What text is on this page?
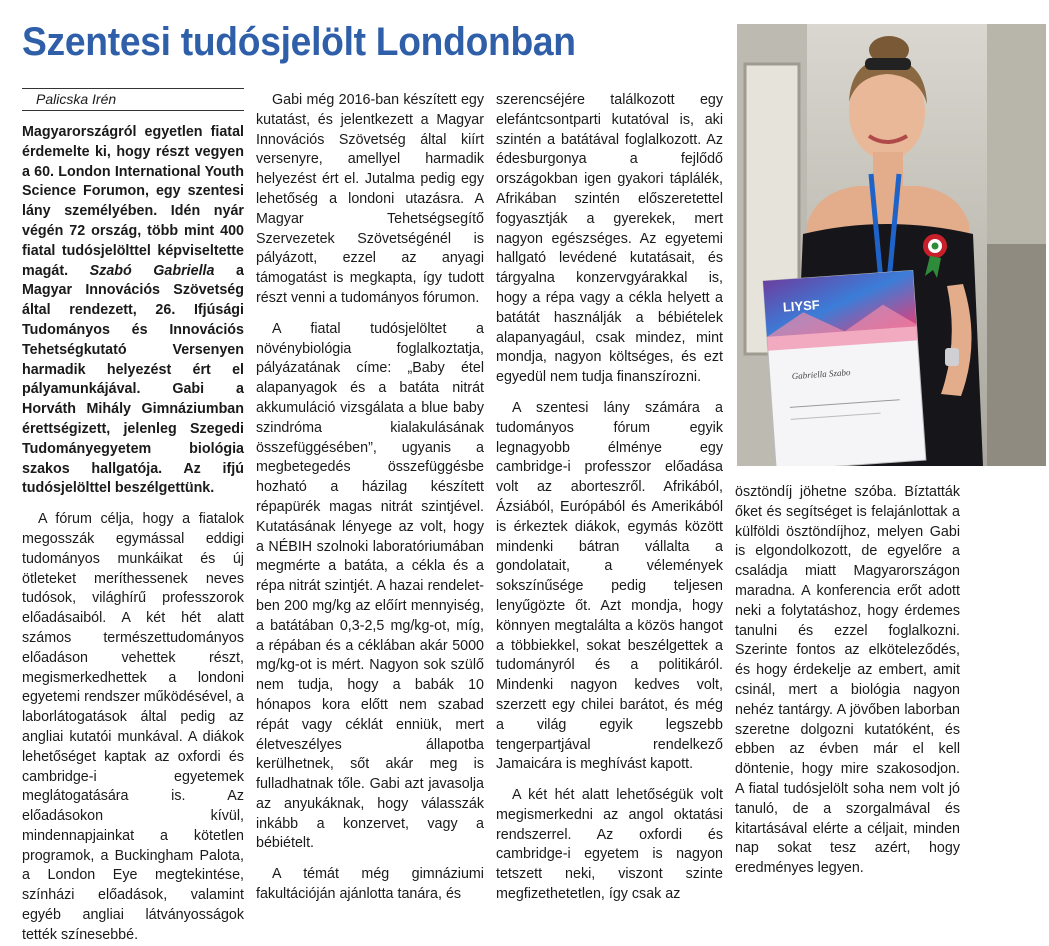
Szentesi tudósjelölt Londonban
Palicska Irén

Magyarországról egyetlen fiatal érdemelte ki, hogy részt vegyen a 60. London International Youth Science Forumon, egy szentesi lány személyében. Idén nyár végén 72 ország, több mint 400 fiatal tudósjelölttel képviseltette magát. Szabó Gabriella a Magyar Innovációs Szövetség által rendezett, 26. Ifjúsági Tudományos és Innovációs Tehetségkutató Versenyen harmadik helyezést ért el pályamunkájával. Gabi a Horváth Mihály Gimnáziumban érettségizett, jelenleg Szegedi Tudományegyetem biológia szakos hallgatója. Az ifjú tudósjelölttel beszélgettünk.

A fórum célja, hogy a fiatalok megosszák egymással eddigi tudományos munkáikat és új ötleteket meríthessenek neves tudósok, világhírű professzorok előadásaiból. A két hét alatt számos természettudományos előadáson vehettek részt, megismerkedhettek a londoni egyetemi rendszer működésével, a laborlátogatások által pedig az angliai kutatói munkával. A diákok lehetőséget kaptak az oxfordi és cambridge-i egyetemek meglátogatására is. Az előadásokon kívül, mindennapjainkat a kötetlen programok, a Buckingham Palota, a London Eye megtekintése, színházi előadások, valamint egyéb angliai látványosságok tették színesebbé.

Gabi még 2016-ban készített egy kutatást, és jelentkezett a Magyar Innovációs Szövetség által kiírt versenyre, amellyel harmadik helyezést ért el. Jutalma pedig egy lehetőség a londoni utazásra. A Magyar Tehetségsegítő Szervezetek Szövetségénél is pályázott, ezzel az anyagi támogatást is megkapta, így tudott részt venni a tudományos fórumon.

A fiatal tudósjelöltet a növénybiológia foglalkoztatja, pályázatának címe: „Baby étel alapanyagok és a batáta nitrát akkumuláció vizsgálata a blue baby szindróma kialakulásának összefüggésében”, ugyanis a megbetegedés összefüggésbe hozható a házilag készített répapürék magas nitrát szintjével. Kutatásának lényege az volt, hogy a NÉBIH szolnoki laboratóriumában megmérte a batáta, a cékla és a répa nitrát szintjét. A hazai rendelet-ben 200 mg/kg az előírt mennyiség, a batátában 0,3-2,5 mg/kg-ot, míg, a répában és a céklában akár 5000 mg/kg-ot is mért. Nagyon sok szülő nem tudja, hogy a babák 10 hónapos kora előtt nem szabad répát vagy céklát enniük, mert életveszélyes állapotba kerülhetnek, sőt akár meg is fulladhatnak tőle. Gabi azt javasolja az anyukáknak, hogy válasszák inkább a konzervet, vagy a bébiételt.

A témát még gimnáziumi fakultációján ajánlotta tanára, és

szerencséjére találkozott egy elefántcsontparti kutatóval is, aki szintén a batátával foglalkozott. Az édesburgonya a fejlődő országokban igen gyakori táplálék, Afrikában szintén előszeretettel fogyasztják a gyerekek, mert nagyon egészséges. Az egyetemi hallgató levédené kutatásait, és tárgyalna konzervgyárakkal is, hogy a répa vagy a cékla helyett a batátát használják a bébiételek alapanyagául, csak mindez, mint mondja, nagyon költséges, és ezt egyedül nem tudja finanszírozni.

A szentesi lány számára a tudományos fórum egyik legnagyobb élménye egy cambridge-i professzor előadása volt az aborteszről. Afrikából, Ázsiából, Európából és Amerikából is érkeztek diákok, egymás között mindenki bátran vállalta a gondolatait, a vélemények sokszínűsége pedig teljesen lenyűgözte őt. Azt mondja, hogy könnyen megtalálta a közös hangot a többiekkel, sokat beszélgettek a tudományról és a politikáról. Mindenki nagyon kedves volt, szerzett egy chilei barátot, és még a világ egyik legszebb tengerpartjával rendelkező Jamaicára is meghívást kapott.

A két hét alatt lehetőségük volt megismerkedni az angol oktatási rendszerrel. Az oxfordi és cambridge-i egyetem is nagyon tetszett neki, viszont szinte megfizethetetlen, így csak az

LIYSF
Gabriella Szabo

ösztöndíj jöhetne szóba. Bíztatták őket és segítséget is felajánlottak a külföldi ösztöndíjhoz, melyen Gabi is elgondolkozott, de egyelőre a családja miatt Magyarországon maradna. A konferencia erőt adott neki a folytatáshoz, hogy érdemes tanulni és ezzel foglalkozni. Szerinte fontos az elköteleződés, és hogy érdekelje az embert, amit csinál, mert a biológia nagyon nehéz tantárgy. A jövőben laborban szeretne dolgozni kutatóként, és ebben az évben már el kell döntenie, hogy mire szakosodjon. A fiatal tudósjelölt soha nem volt jó tanuló, de a szorgalmával és kitartásával elérte a céljait, minden nap sokat tesz azért, hogy eredményes legyen.
